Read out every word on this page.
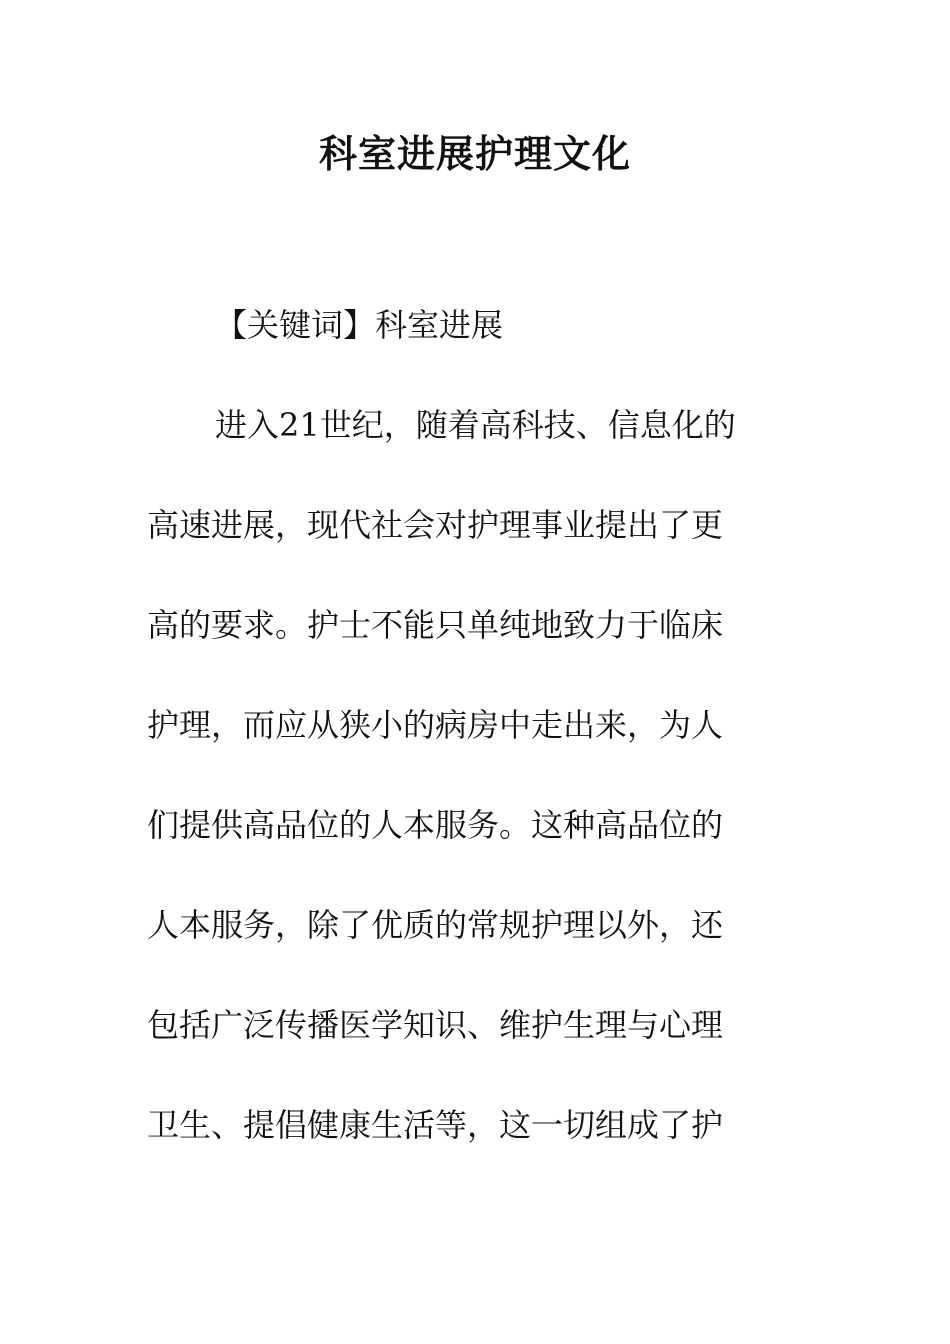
科室进展护理文化
【关键词】科室进展
进入21世纪，随着高科技、信息化的
高速进展，现代社会对护理事业提出了更
高的要求。护士不能只单纯地致力于临床
护理，而应从狭小的病房中走出来，为人
们提供高品位的人本服务。这种高品位的
人本服务，除了优质的常规护理以外，还
包括广泛传播医学知识、维护生理与心理
卫生、提倡健康生活等，这一切组成了护
